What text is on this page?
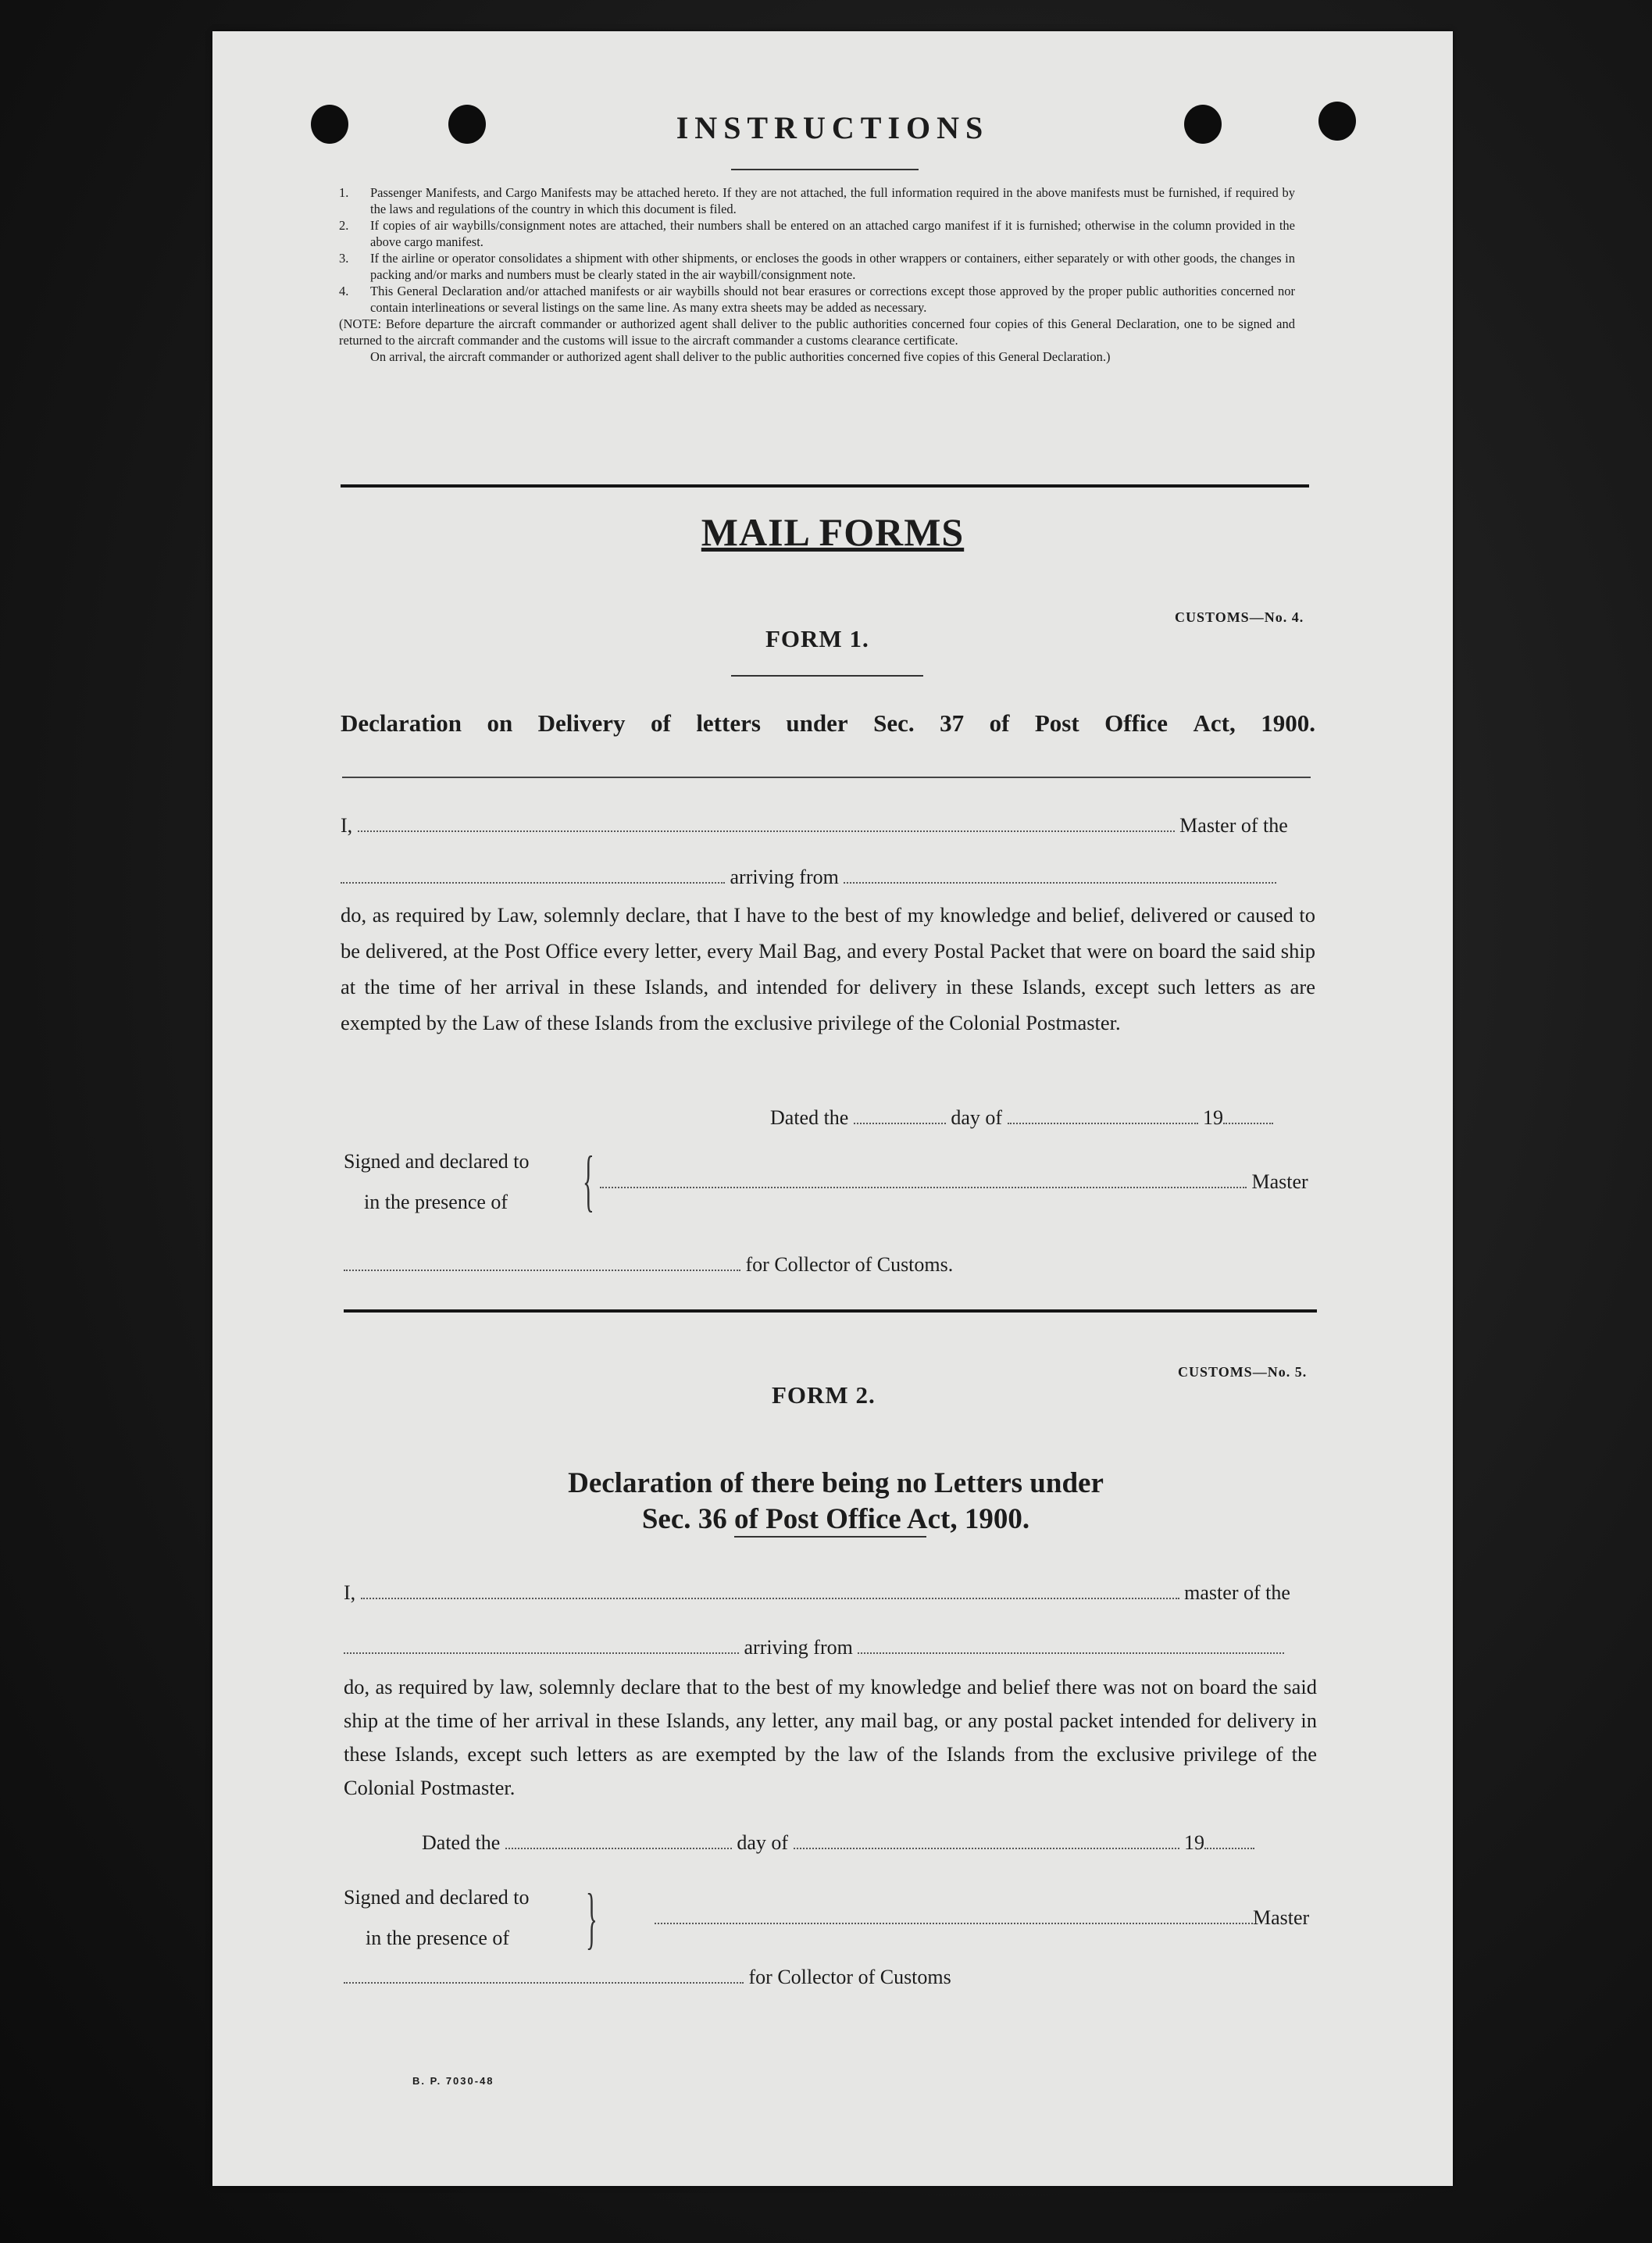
INSTRUCTIONS
1.	Passenger Manifests, and Cargo Manifests may be attached hereto. If they are not attached, the full information required in the above manifests must be furnished, if required by the laws and regulations of the country in which this document is filed.
2.	If copies of air waybills/consignment notes are attached, their numbers shall be entered on an attached cargo manifest if it is furnished; otherwise in the column provided in the above cargo manifest.
3.	If the airline or operator consolidates a shipment with other shipments, or encloses the goods in other wrappers or containers, either separately or with other goods, the changes in packing and/or marks and numbers must be clearly stated in the air waybill/consignment note.
4.	This General Declaration and/or attached manifests or air waybills should not bear erasures or corrections except those approved by the proper public authorities concerned nor contain interlineations or several listings on the same line. As many extra sheets may be added as necessary.
(NOTE: Before departure the aircraft commander or authorized agent shall deliver to the public authorities concerned four copies of this General Declaration, one to be signed and returned to the aircraft commander and the customs will issue to the aircraft commander a customs clearance certificate.
On arrival, the aircraft commander or authorized agent shall deliver to the public authorities concerned five copies of this General Declaration.)
MAIL FORMS
CUSTOMS—No. 4.
FORM 1.
Declaration on Delivery of letters under Sec. 37 of Post Office Act, 1900.
I,	Master of the
arriving from
do, as required by Law, solemnly declare, that I have to the best of my knowledge and belief, delivered or caused to be delivered, at the Post Office every letter, every Mail Bag, and every Postal Packet that were on board the said ship at the time of her arrival in these Islands, and intended for delivery in these Islands, except such letters as are exempted by the Law of these Islands from the exclusive privilege of the Colonial Postmaster.
Dated the	day of	19
Signed and declared to
in the presence of {	Master
for Collector of Customs.
CUSTOMS—No. 5.
FORM 2.
Declaration of there being no Letters under
Sec. 36 of Post Office Act, 1900.
I,	master of the
arriving from
do, as required by law, solemnly declare that to the best of my knowledge and belief there was not on board the said ship at the time of her arrival in these Islands, any letter, any mail bag, or any postal packet intended for delivery in these Islands, except such letters as are exempted by the law of the Islands from the exclusive privilege of the Colonial Postmaster.
Dated the	day of	19
Signed and declared to
in the presence of }	Master
for Collector of Customs
B. P. 7030-48
